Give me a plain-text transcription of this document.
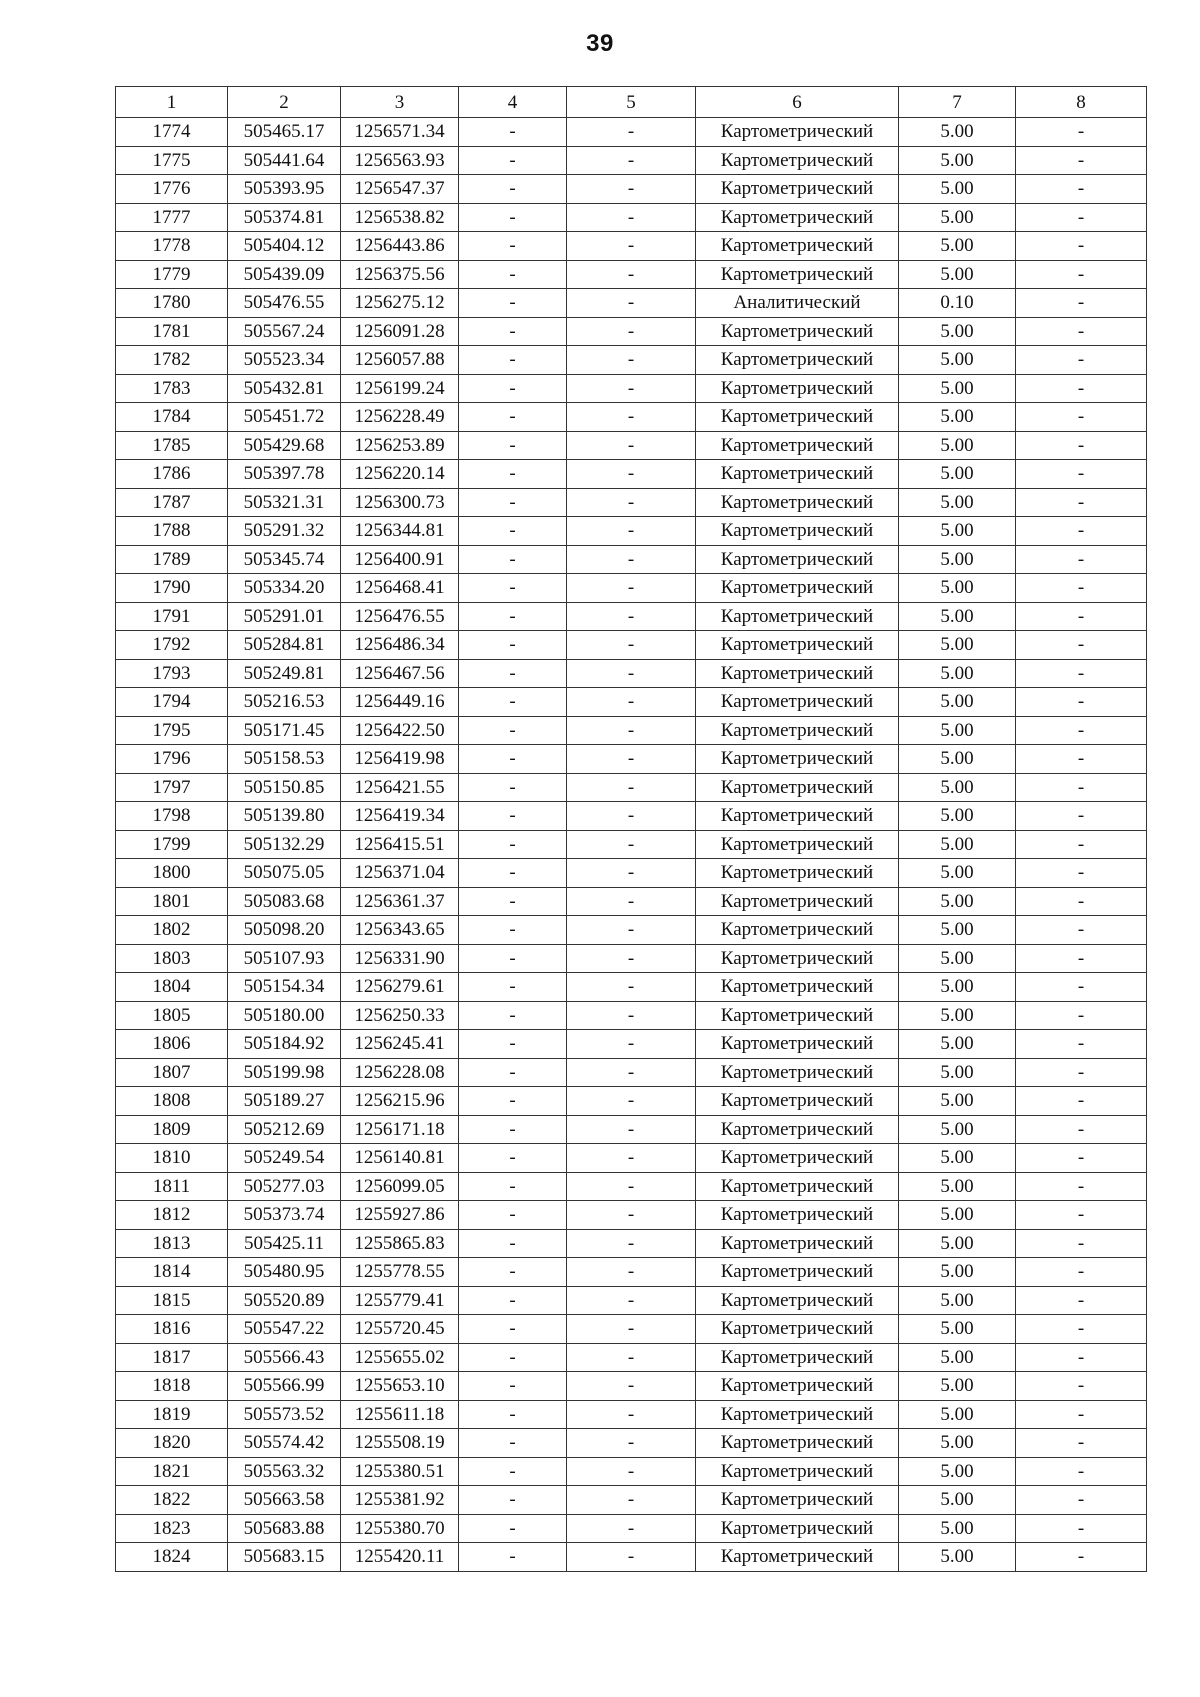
39
1	2	3	4	5	6	7	8
1774	505465.17	1256571.34	-	-	Картометрический	5.00	-
1775	505441.64	1256563.93	-	-	Картометрический	5.00	-
1776	505393.95	1256547.37	-	-	Картометрический	5.00	-
1777	505374.81	1256538.82	-	-	Картометрический	5.00	-
1778	505404.12	1256443.86	-	-	Картометрический	5.00	-
1779	505439.09	1256375.56	-	-	Картометрический	5.00	-
1780	505476.55	1256275.12	-	-	Аналитический	0.10	-
1781	505567.24	1256091.28	-	-	Картометрический	5.00	-
1782	505523.34	1256057.88	-	-	Картометрический	5.00	-
1783	505432.81	1256199.24	-	-	Картометрический	5.00	-
1784	505451.72	1256228.49	-	-	Картометрический	5.00	-
1785	505429.68	1256253.89	-	-	Картометрический	5.00	-
1786	505397.78	1256220.14	-	-	Картометрический	5.00	-
1787	505321.31	1256300.73	-	-	Картометрический	5.00	-
1788	505291.32	1256344.81	-	-	Картометрический	5.00	-
1789	505345.74	1256400.91	-	-	Картометрический	5.00	-
1790	505334.20	1256468.41	-	-	Картометрический	5.00	-
1791	505291.01	1256476.55	-	-	Картометрический	5.00	-
1792	505284.81	1256486.34	-	-	Картометрический	5.00	-
1793	505249.81	1256467.56	-	-	Картометрический	5.00	-
1794	505216.53	1256449.16	-	-	Картометрический	5.00	-
1795	505171.45	1256422.50	-	-	Картометрический	5.00	-
1796	505158.53	1256419.98	-	-	Картометрический	5.00	-
1797	505150.85	1256421.55	-	-	Картометрический	5.00	-
1798	505139.80	1256419.34	-	-	Картометрический	5.00	-
1799	505132.29	1256415.51	-	-	Картометрический	5.00	-
1800	505075.05	1256371.04	-	-	Картометрический	5.00	-
1801	505083.68	1256361.37	-	-	Картометрический	5.00	-
1802	505098.20	1256343.65	-	-	Картометрический	5.00	-
1803	505107.93	1256331.90	-	-	Картометрический	5.00	-
1804	505154.34	1256279.61	-	-	Картометрический	5.00	-
1805	505180.00	1256250.33	-	-	Картометрический	5.00	-
1806	505184.92	1256245.41	-	-	Картометрический	5.00	-
1807	505199.98	1256228.08	-	-	Картометрический	5.00	-
1808	505189.27	1256215.96	-	-	Картометрический	5.00	-
1809	505212.69	1256171.18	-	-	Картометрический	5.00	-
1810	505249.54	1256140.81	-	-	Картометрический	5.00	-
1811	505277.03	1256099.05	-	-	Картометрический	5.00	-
1812	505373.74	1255927.86	-	-	Картометрический	5.00	-
1813	505425.11	1255865.83	-	-	Картометрический	5.00	-
1814	505480.95	1255778.55	-	-	Картометрический	5.00	-
1815	505520.89	1255779.41	-	-	Картометрический	5.00	-
1816	505547.22	1255720.45	-	-	Картометрический	5.00	-
1817	505566.43	1255655.02	-	-	Картометрический	5.00	-
1818	505566.99	1255653.10	-	-	Картометрический	5.00	-
1819	505573.52	1255611.18	-	-	Картометрический	5.00	-
1820	505574.42	1255508.19	-	-	Картометрический	5.00	-
1821	505563.32	1255380.51	-	-	Картометрический	5.00	-
1822	505663.58	1255381.92	-	-	Картометрический	5.00	-
1823	505683.88	1255380.70	-	-	Картометрический	5.00	-
1824	505683.15	1255420.11	-	-	Картометрический	5.00	-
